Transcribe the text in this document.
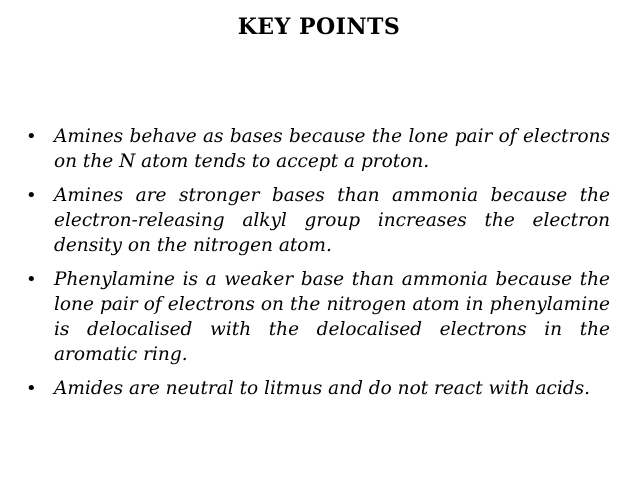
KEY POINTS
• Amines behave as bases because the lone pair of electrons on the N atom tends to accept a proton.
• Amines are stronger bases than ammonia because the electron-releasing alkyl group increases the electron density on the nitrogen atom.
• Phenylamine is a weaker base than ammonia because the lone pair of electrons on the nitrogen atom in phenylamine is delocalised with the delocalised electrons in the aromatic ring.
• Amides are neutral to litmus and do not react with acids.
